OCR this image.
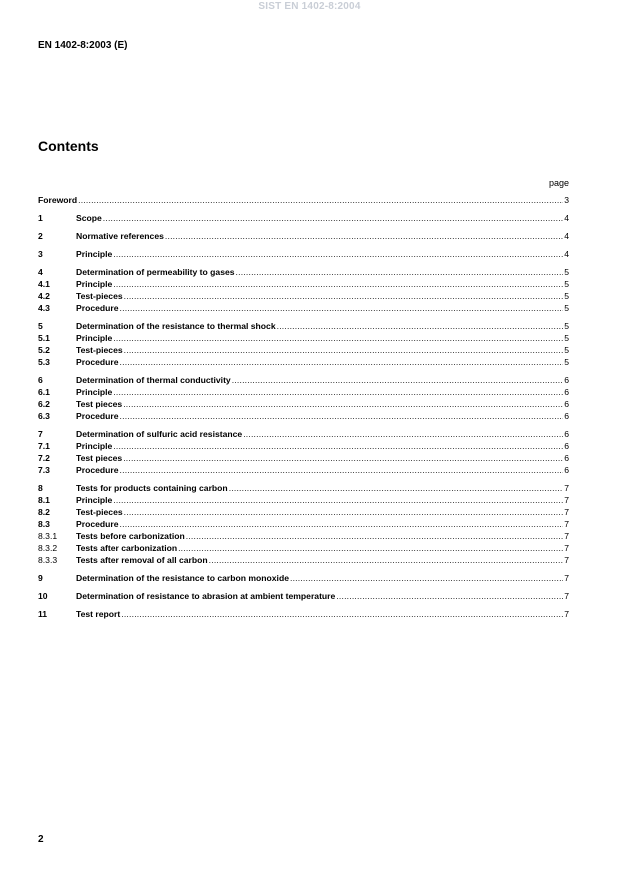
SIST EN 1402-8:2004
EN 1402-8:2003 (E)
Contents
page
Foreword .....	3
1	Scope .....	4
2	Normative references .....	4
3	Principle .....	4
4	Determination of permeability to gases .....	5
4.1	Principle .....	5
4.2	Test-pieces .....	5
4.3	Procedure .....	5
5	Determination of the resistance to thermal shock .....	5
5.1	Principle .....	5
5.2	Test-pieces .....	5
5.3	Procedure .....	5
6	Determination of thermal conductivity .....	6
6.1	Principle .....	6
6.2	Test pieces .....	6
6.3	Procedure .....	6
7	Determination of sulfuric acid resistance .....	6
7.1	Principle .....	6
7.2	Test pieces .....	6
7.3	Procedure .....	6
8	Tests for products containing carbon .....	7
8.1	Principle .....	7
8.2	Test-pieces .....	7
8.3	Procedure .....	7
8.3.1	Tests before carbonization .....	7
8.3.2	Tests after carbonization .....	7
8.3.3	Tests after removal of all carbon .....	7
9	Determination of the resistance to carbon monoxide .....	7
10	Determination of resistance to abrasion at ambient temperature .....	7
11	Test report .....	7
2
